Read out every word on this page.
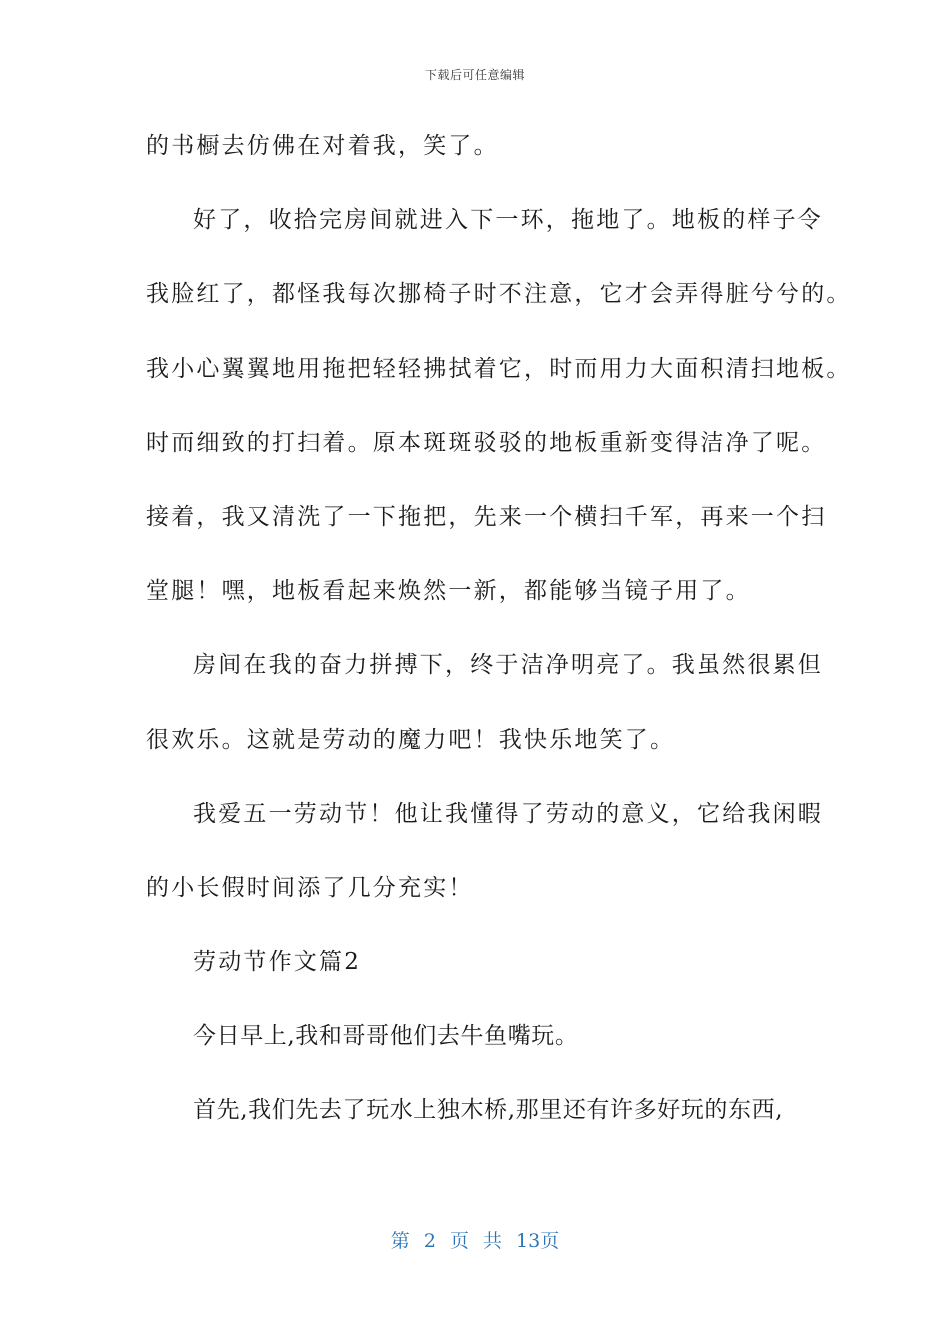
下载后可任意编辑
的书橱去仿佛在对着我，笑了。
好了，收拾完房间就进入下一环，拖地了。地板的样子令
我脸红了，都怪我每次挪椅子时不注意，它才会弄得脏兮兮的。
我小心翼翼地用拖把轻轻拂拭着它，时而用力大面积清扫地板。
时而细致的打扫着。原本斑斑驳驳的地板重新变得洁净了呢。
接着，我又清洗了一下拖把，先来一个横扫千军，再来一个扫
堂腿！嘿，地板看起来焕然一新，都能够当镜子用了。
房间在我的奋力拼搏下，终于洁净明亮了。我虽然很累但
很欢乐。这就是劳动的魔力吧！我快乐地笑了。
我爱五一劳动节！他让我懂得了劳动的意义，它给我闲暇
的小长假时间添了几分充实！
劳动节作文篇2
今日早上,我和哥哥他们去牛鱼嘴玩。
首先,我们先去了玩水上独木桥,那里还有许多好玩的东西,
第 2 页 共 13页
